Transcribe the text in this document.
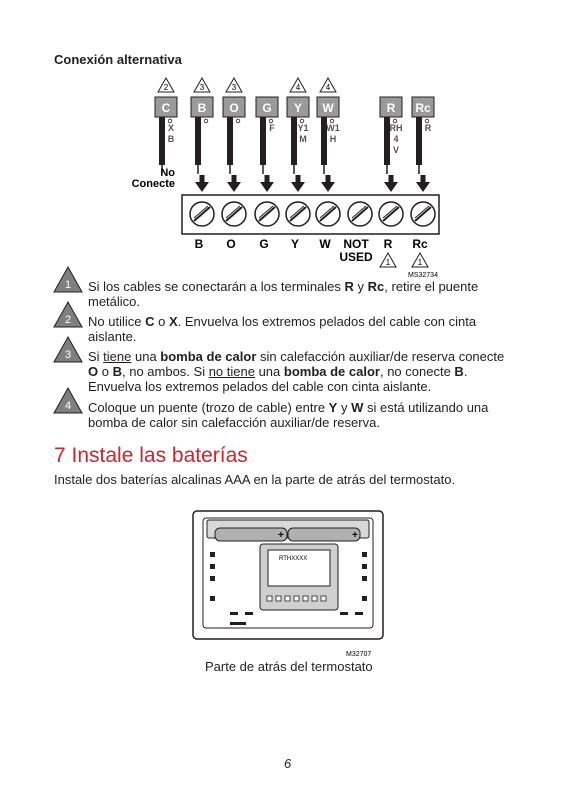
Conexión alternativa
2
C
X
B
3
B
3
O G
F
4
Y
Y1
M
4
W
W1
H
R
RH
4
V
Rc
R
B O G Y W NOT
USED
R
1
Rc
1
No
Conecte
MS32734
1 Si los cables se conectarán a los terminales R y Rc, retire el puente metálico.
2 No utilice C o X. Envuelva los extremos pelados del cable con cinta aislante.
3 Si tiene una bomba de calor sin calefacción auxiliar/de reserva conecte O o B, no ambos. Si no tiene una bomba de calor, no conecte B. Envuelva los extremos pelados del cable con cinta aislante.
4 Coloque un puente (trozo de cable) entre Y y W si está utilizando una bomba de calor sin calefacción auxiliar/de reserva.
7 Instale las baterías
Instale dos baterías alcalinas AAA en la parte de atrás del termostato.
+	+
RTHXXXX
M32707
Parte de atrás del termostato
6
